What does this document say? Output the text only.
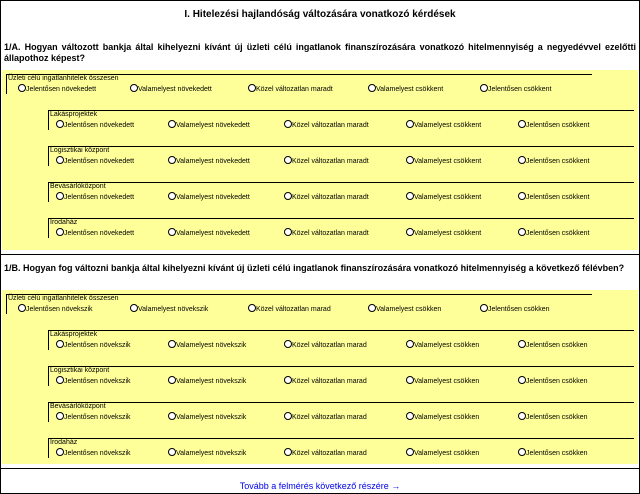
I. Hitelezési hajlandóság változására vonatkozó kérdések
1/A. Hogyan változott bankja által kihelyezni kívánt új üzleti célú ingatlanok finanszírozására vonatkozó hitelmennyiség a negyedévvel ezelőtti állapothoz képest?
Üzleti célú ingatlanhitelek összesen
Jelentősen növekedett	Valamelyest növekedett	Közel változatlan maradt	Valamelyest csökkent	Jelentősen csökkent
Lakásprojektek
Jelentősen növekedett	Valamelyest növekedett	Közel változatlan maradt	Valamelyest csökkent	Jelentősen csökkent
Logisztikai központ
Jelentősen növekedett	Valamelyest növekedett	Közel változatlan maradt	Valamelyest csökkent	Jelentősen csökkent
Bevásárlóközpont
Jelentősen növekedett	Valamelyest növekedett	Közel változatlan maradt	Valamelyest csökkent	Jelentősen csökkent
Irodaház
Jelentősen növekedett	Valamelyest növekedett	Közel változatlan maradt	Valamelyest csökkent	Jelentősen csökkent
1/B. Hogyan fog változni bankja által kihelyezni kívánt új üzleti célú ingatlanok finanszírozására vonatkozó hitelmennyiség a következő félévben?
Üzleti célú ingatlanhitelek összesen
Jelentősen növekszik	Valamelyest növekszik	Közel változatlan marad	Valamelyest csökken	Jelentősen csökken
Lakásprojektek
Jelentősen növekszik	Valamelyest növekszik	Közel változatlan marad	Valamelyest csökken	Jelentősen csökken
Logisztikai központ
Jelentősen növekszik	Valamelyest növekszik	Közel változatlan marad	Valamelyest csökken	Jelentősen csökken
Bevásárlóközpont
Jelentősen növekszik	Valamelyest növekszik	Közel változatlan marad	Valamelyest csökken	Jelentősen csökken
Irodaház
Jelentősen növekszik	Valamelyest növekszik	Közel változatlan marad	Valamelyest csökken	Jelentősen csökken
Tovább a felmérés következő részére →
